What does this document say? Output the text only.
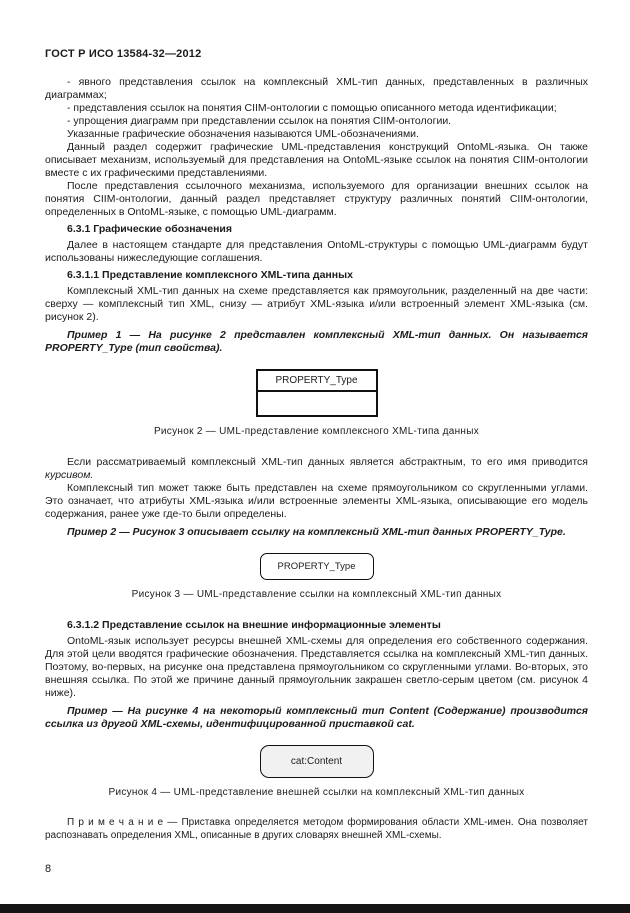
ГОСТ Р ИСО 13584-32—2012

- явного представления ссылок на комплексный XML-тип данных, представленных в различных диаграммах;

- представления ссылок на понятия CIIM-онтологии с помощью описанного метода идентификации;

- упрощения диаграмм при представлении ссылок на понятия CIIM-онтологии.

Указанные графические обозначения называются UML-обозначениями.

Данный раздел содержит графические UML-представления конструкций OntoML-языка. Он также описывает механизм, используемый для представления на OntoML-языке ссылок на понятия CIIM-онтологии вместе с их графическими представлениями.

После представления ссылочного механизма, используемого для организации внешних ссылок на понятия CIIM-онтологии, данный раздел представляет структуру различных понятий CIIM-онтологии, определенных в OntoML-языке, с помощью UML-диаграмм.

6.3.1 Графические обозначения

Далее в настоящем стандарте для представления OntoML-структуры с помощью UML-диаграмм будут использованы нижеследующие соглашения.

6.3.1.1 Представление комплексного XML-типа данных

Комплексный XML-тип данных на схеме представляется как прямоугольник, разделенный на две части: сверху — комплексный тип XML, снизу — атрибут XML-языка и/или встроенный элемент XML-языка (см. рисунок 2).

Пример 1 — На рисунке 2 представлен комплексный XML-тип данных. Он называется PROPERTY_Type (тип свойства).

PROPERTY_Type

Рисунок 2 — UML-представление комплексного XML-типа данных

Если рассматриваемый комплексный XML-тип данных является абстрактным, то его имя приводится курсивом.

Комплексный тип может также быть представлен на схеме прямоугольником со скругленными углами. Это означает, что атрибуты XML-языка и/или встроенные элементы XML-языка, описывающие его модель содержания, ранее уже где-то были определены.

Пример 2 — Рисунок 3 описывает ссылку на комплексный XML-тип данных PROPERTY_Type.

PROPERTY_Type

Рисунок 3 — UML-представление ссылки на комплексный XML-тип данных

6.3.1.2 Представление ссылок на внешние информационные элементы

OntoML-язык использует ресурсы внешней XML-схемы для определения его собственного содержания. Для этой цели вводятся графические обозначения. Представляется ссылка на комплексный XML-тип данных. Поэтому, во-первых, на рисунке она представлена прямоугольником со скругленными углами. Во-вторых, это внешняя ссылка. По этой же причине данный прямоугольник закрашен светло-серым цветом (см. рисунок 4 ниже).

Пример — На рисунке 4 на некоторый комплексный тип Content (Содержание) производится ссылка из другой XML-схемы, идентифицированной приставкой cat.

cat:Content

Рисунок 4 — UML-представление внешней ссылки на комплексный XML-тип данных

П р и м е ч а н и е — Приставка определяется методом формирования области XML-имен. Она позволяет распознавать определения XML, описанные в других словарях внешней XML-схемы.

8
